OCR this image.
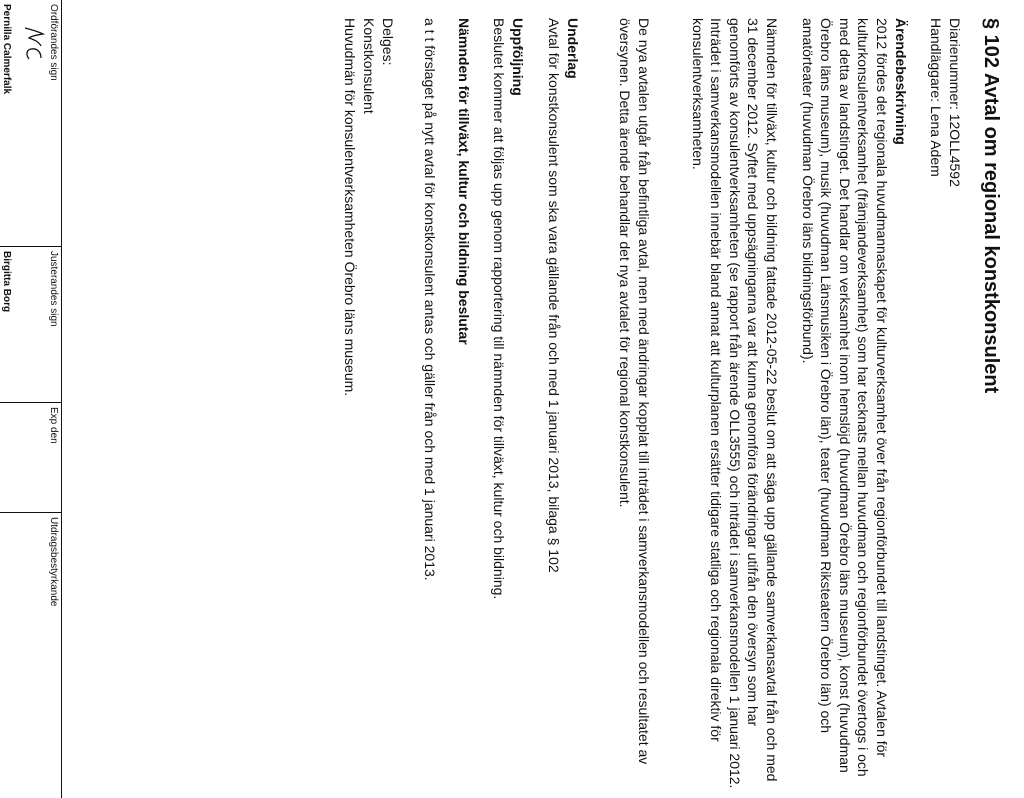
§ 102 Avtal om regional konstkonsulent
Diarienummer: 12OLL4592
Handläggare: Lena Adem
Ärendebeskrivning
2012 fördes det regionala huvudmannaskapet för kulturverksamhet över från regionförbundet till landstinget. Avtalen för kulturkonsulentverksamhet (främjandeverksamhet) som har tecknats mellan huvudman och regionförbundet övertogs i och med detta av landstinget. Det handlar om verksamhet inom hemslöjd (huvudman Örebro läns museum), konst (huvudman Örebro läns museum), musik (huvudman Länsmusiken i Örebro län), teater (huvudman Riksteatern Örebro län) och amatörteater (huvudman Örebro läns bildningsförbund).
Nämnden för tillväxt, kultur och bildning fattade 2012-05-22 beslut om att säga upp gällande samverkansavtal från och med 31 december 2012. Syftet med uppsägningarna var att kunna genomföra förändringar utifrån den översyn som har genomförts av konsulentverksamheten (se rapport från ärende OLL3555) och inträdet i samverkansmodellen 1 januari 2012. Inträdet i samverkansmodellen innebär bland annat att kulturplanen ersätter tidigare statliga och regionala direktiv för konsulentverksamheten.
De nya avtalen utgår från befintliga avtal, men med ändringar kopplat till inträdet i samverkansmodellen och resultatet av översynen. Detta ärende behandlar det nya avtalet för regional konstkonsulent.
Underlag
Avtal för konstkonsulent som ska vara gällande från och med 1 januari 2013, bilaga § 102
Uppföljning
Beslutet kommer att följas upp genom rapportering till nämnden för tillväxt, kultur och bildning.
Nämnden för tillväxt, kultur och bildning beslutar
a t t förslaget på nytt avtal för konstkonsulent antas och gäller från och med 1 januari 2013.
Delges:
Konstkonsulent
Huvudmän för konsulentverksamheten Örebro läns museum.
Ordförandes sign
Pernilla Calmerfalk
Justerandes sign
Birgitta Borg
Exp den
Utdragsbestyrkande
